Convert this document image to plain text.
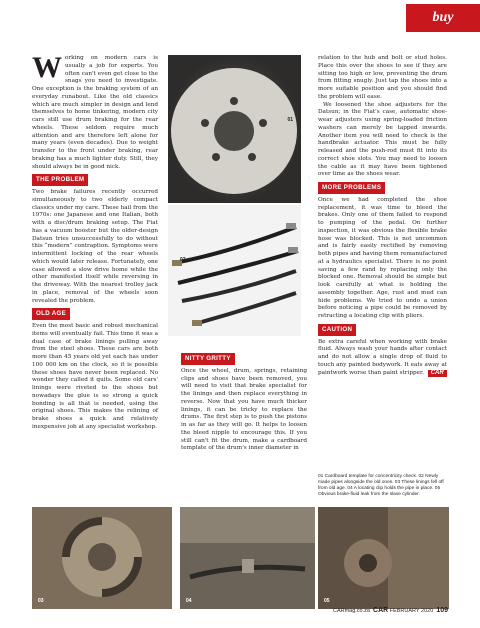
buy

Working on modern cars is usually a job for experts. You often can't even get close to the snags you need to investigate. One exception is the braking system of an everyday runabout. Like the old classics which are much simpler in design and lend themselves to home tinkering, modern city cars still use drum braking for the rear wheels. These seldom require much attention and are therefore left alone for many years (even decades). Due to weight transfer to the front under braking, rear braking has a much lighter duty. Still, they should always be in good nick.

THE PROBLEM

Two brake failures recently occurred simultaneously to two elderly compact classics under my care. These hail from the 1970s: one Japanese and one Italian, both with a disc/drum braking setup. The Fiat has a vacuum booster but the older-design Datsun tries unsuccessfully to do without this “modern” contraption. Symptoms were intermittent locking of the rear wheels which would later release. Fortunately, one case allowed a slow drive home while the other manifested itself while reversing in the driveway. With the nearest trolley jack in place, removal of the wheels soon revealed the problem.

OLD AGE

Even the most basic and robust mechanical items will eventually fail. This time it was a dual case of brake linings pulling away from the steel shoes. These cars are both more than 45 years old yet each has under 100 000 km on the clock, so it is possible these shoes have never been replaced. No wonder they called it quits. Some old cars' linings were riveted to the shoes but nowadays the glue is so strong a quick bonding is all that is needed, using the original shoes. This makes the relining of brake shoes a quick and relatively inexpensive job at any specialist workshop.

01
02
NITTY GRITTY

Once the wheel, drum, springs, retaining clips and shoes have been removed, you will need to visit that brake specialist for the linings and then replace everything in reverse. Now that you have much thicker linings, it can be tricky to replace the drums. The first step is to push the pistons in as far as they will go. It helps to loosen the bleed nipple to encourage this. If you still can't fit the drum, make a cardboard template of the drum's inner diameter in

relation to the hub and bolt or stud holes. Place this over the shoes to see if they are sitting too high or low, preventing the drum from fitting snugly. Just tap the shoes into a more suitable position and you should find the problem will ease.

We loosened the shoe adjusters for the Datsun; in the Fiat's case, automatic shoe-wear adjusters using spring-loaded friction washers can merely be tapped inwards. Another item you will need to check is the handbrake actuator. This must be fully released and the push-rod must fit into its correct shoe slots. You may need to loosen the cable as it may have been tightened over time as the shoes wear.

MORE PROBLEMS

Once we had completed the shoe replacement, it was time to bleed the brakes. Only one of them failed to respond to pumping of the pedal. On further inspection, it was obvious the flexible brake hose was blocked. This is not uncommon and is fairly easily rectified by removing both pipes and having them remanufactured at a hydraulics specialist. There is no point saving a few rand by replacing only the blocked one. Removal should be simple but look carefully at what is holding the assembly together. Age, rust and mud can hide problems. We tried to undo a union before noticing a pipe could be removed by retracting a locating clip with pliers.

CAUTION

Be extra careful when working with brake fluid. Always wash your hands after contact and do not allow a single drop of fluid to touch any painted bodywork. It eats away at paintwork worse than paint stripper. CAR

03	04	05
01 Cardboard template for concentricity check. 02 Newly made pipes alongside the old ones. 03 These linings fell off from old age. 04 A locating clip holds the pipe in place. 05 Obvious brake-fluid leak from the slave cylinder.
CARmag.co.za CAR FEBRUARY 2020 109
